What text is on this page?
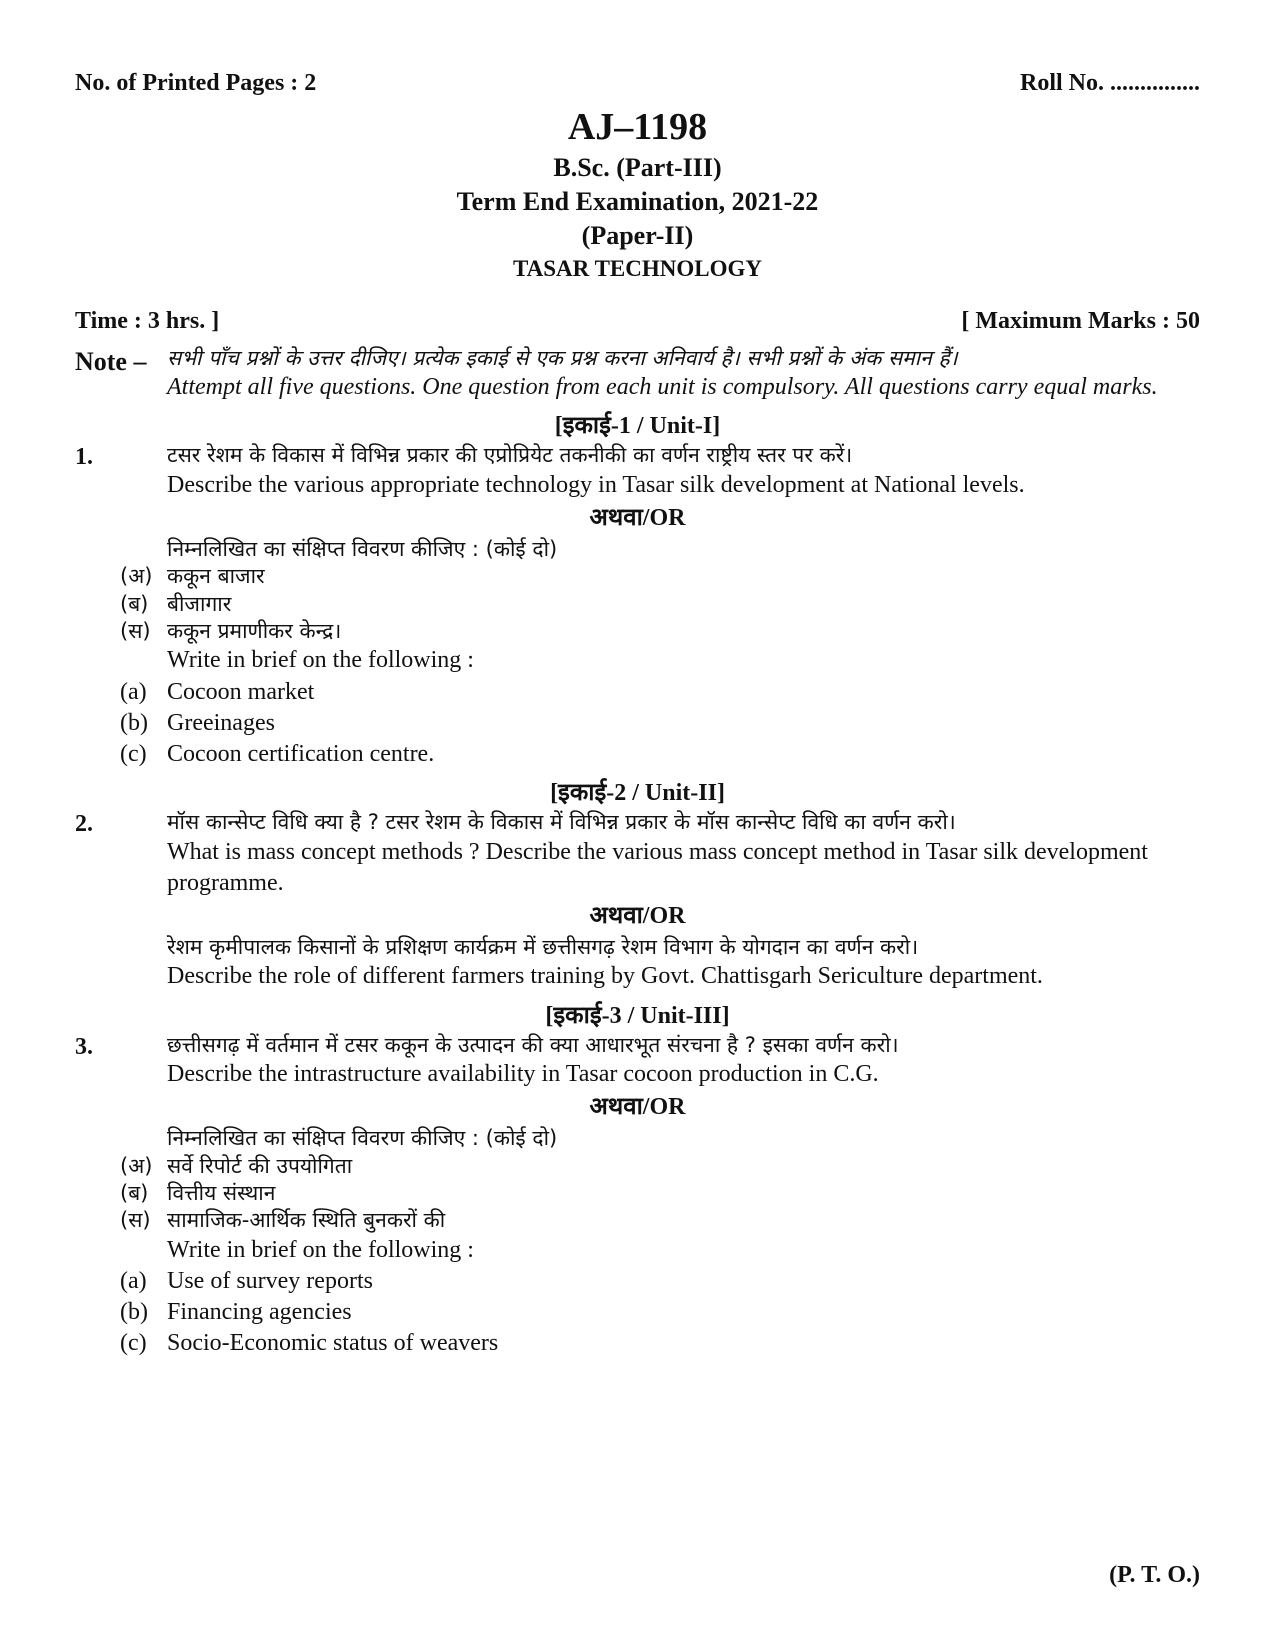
No. of Printed Pages : 2	Roll No. ...............
AJ–1198
B.Sc. (Part-III)
Term End Examination, 2021-22
(Paper-II)
TASAR TECHNOLOGY
Time : 3 hrs. ]	[ Maximum Marks : 50
Note – सभी पाँच प्रश्नों के उत्तर दीजिए। प्रत्येक इकाई से एक प्रश्न करना अनिवार्य है। सभी प्रश्नों के अंक समान हैं।
Attempt all five questions. One question from each unit is compulsory. All questions carry equal marks.
[इकाई-1 / Unit-I]
1.	टसर रेशम के विकास में विभिन्न प्रकार की एप्रोप्रियेट तकनीकी का वर्णन राष्ट्रीय स्तर पर करें।
Describe the various appropriate technology in Tasar silk development at National levels.
अथवा/OR
निम्नलिखित का संक्षिप्त विवरण कीजिए : (कोई दो)
(अ) ककून बाजार
(ब) बीजागार
(स) ककून प्रमाणीकर केन्द्र।
Write in brief on the following :
(a) Cocoon market
(b) Greeinages
(c) Cocoon certification centre.
[इकाई-2 / Unit-II]
2.	मॉस कान्सेप्ट विधि क्या है ? टसर रेशम के विकास में विभिन्न प्रकार के मॉस कान्सेप्ट विधि का वर्णन करो।
What is mass concept methods ? Describe the various mass concept method in Tasar silk development programme.
अथवा/OR
रेशम कृमीपालक किसानों के प्रशिक्षण कार्यक्रम में छत्तीसगढ़ रेशम विभाग के योगदान का वर्णन करो।
Describe the role of different farmers training by Govt. Chattisgarh Sericulture department.
[इकाई-3 / Unit-III]
3.	छत्तीसगढ़ में वर्तमान में टसर ककून के उत्पादन की क्या आधारभूत संरचना है ? इसका वर्णन करो।
Describe the intrastructure availability in Tasar cocoon production in C.G.
अथवा/OR
निम्नलिखित का संक्षिप्त विवरण कीजिए : (कोई दो)
(अ) सर्वे रिपोर्ट की उपयोगिता
(ब) वित्तीय संस्थान
(स) सामाजिक-आर्थिक स्थिति बुनकरों की
Write in brief on the following :
(a) Use of survey reports
(b) Financing agencies
(c) Socio-Economic status of weavers
(P. T. O.)
